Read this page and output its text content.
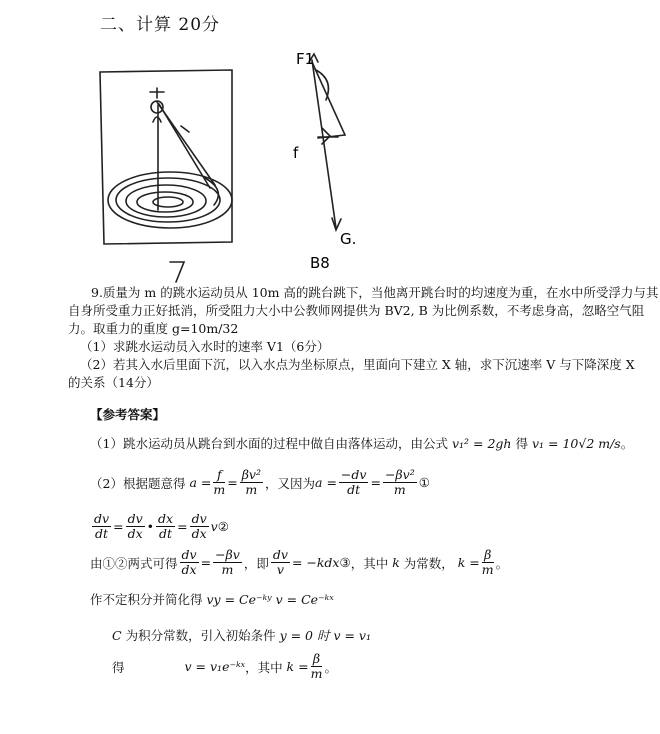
二、计算 20分
F1
f
G.
B8
9.质量为 m 的跳水运动员从 10m 高的跳台跳下，当他离开跳台时的均速度为重，在水中所受浮力与其
自身所受重力正好抵消，所受阻力大小中公教师网提供为 BV2, B 为比例系数，不考虑身高，忽略空气阻
力。取重力的重度 g=10m/32
（1）求跳水运动员入水时的速率 V1（6分）
（2）若其入水后里面下沉，以入水点为坐标原点，里面向下建立 X 轴，求下沉速率 V 与下降深度 X
的关系（14分）
【参考答案】
（1）跳水运动员从跳台到水面的过程中做自由落体运动，由公式 v₁² = 2gh 得 v₁ = 10√2 m/s。
（2）根据题意得 $a = \frac{f}{m} = \frac{\text{βv²}}{m}$ ，又因为 $a = \frac{-dv}{dt} = \frac{\text{−βv²}}{m}$ ①
$\frac{dv}{dt} = \frac{dv}{dx}$ • $\frac{dx}{dt} = \frac{dv}{dx}$ v ②
由①②两式可得 $\frac{dv}{dx} = \frac{-\beta v}{m}$ ，即 $\frac{dv}{v} = -kdx$ ③ ，其中 k 为常数， $k = \frac{\beta}{m}$ 。
作不定积分并简化得 vy = Ce⁻ᵏʸ v = Ce⁻ᵏˣ
C 为积分常数，引入初始条件 y = 0 时 v = v₁
得	v = v₁e⁻ᵏˣ ，其中 $k = \frac{\beta}{m}$ 。
